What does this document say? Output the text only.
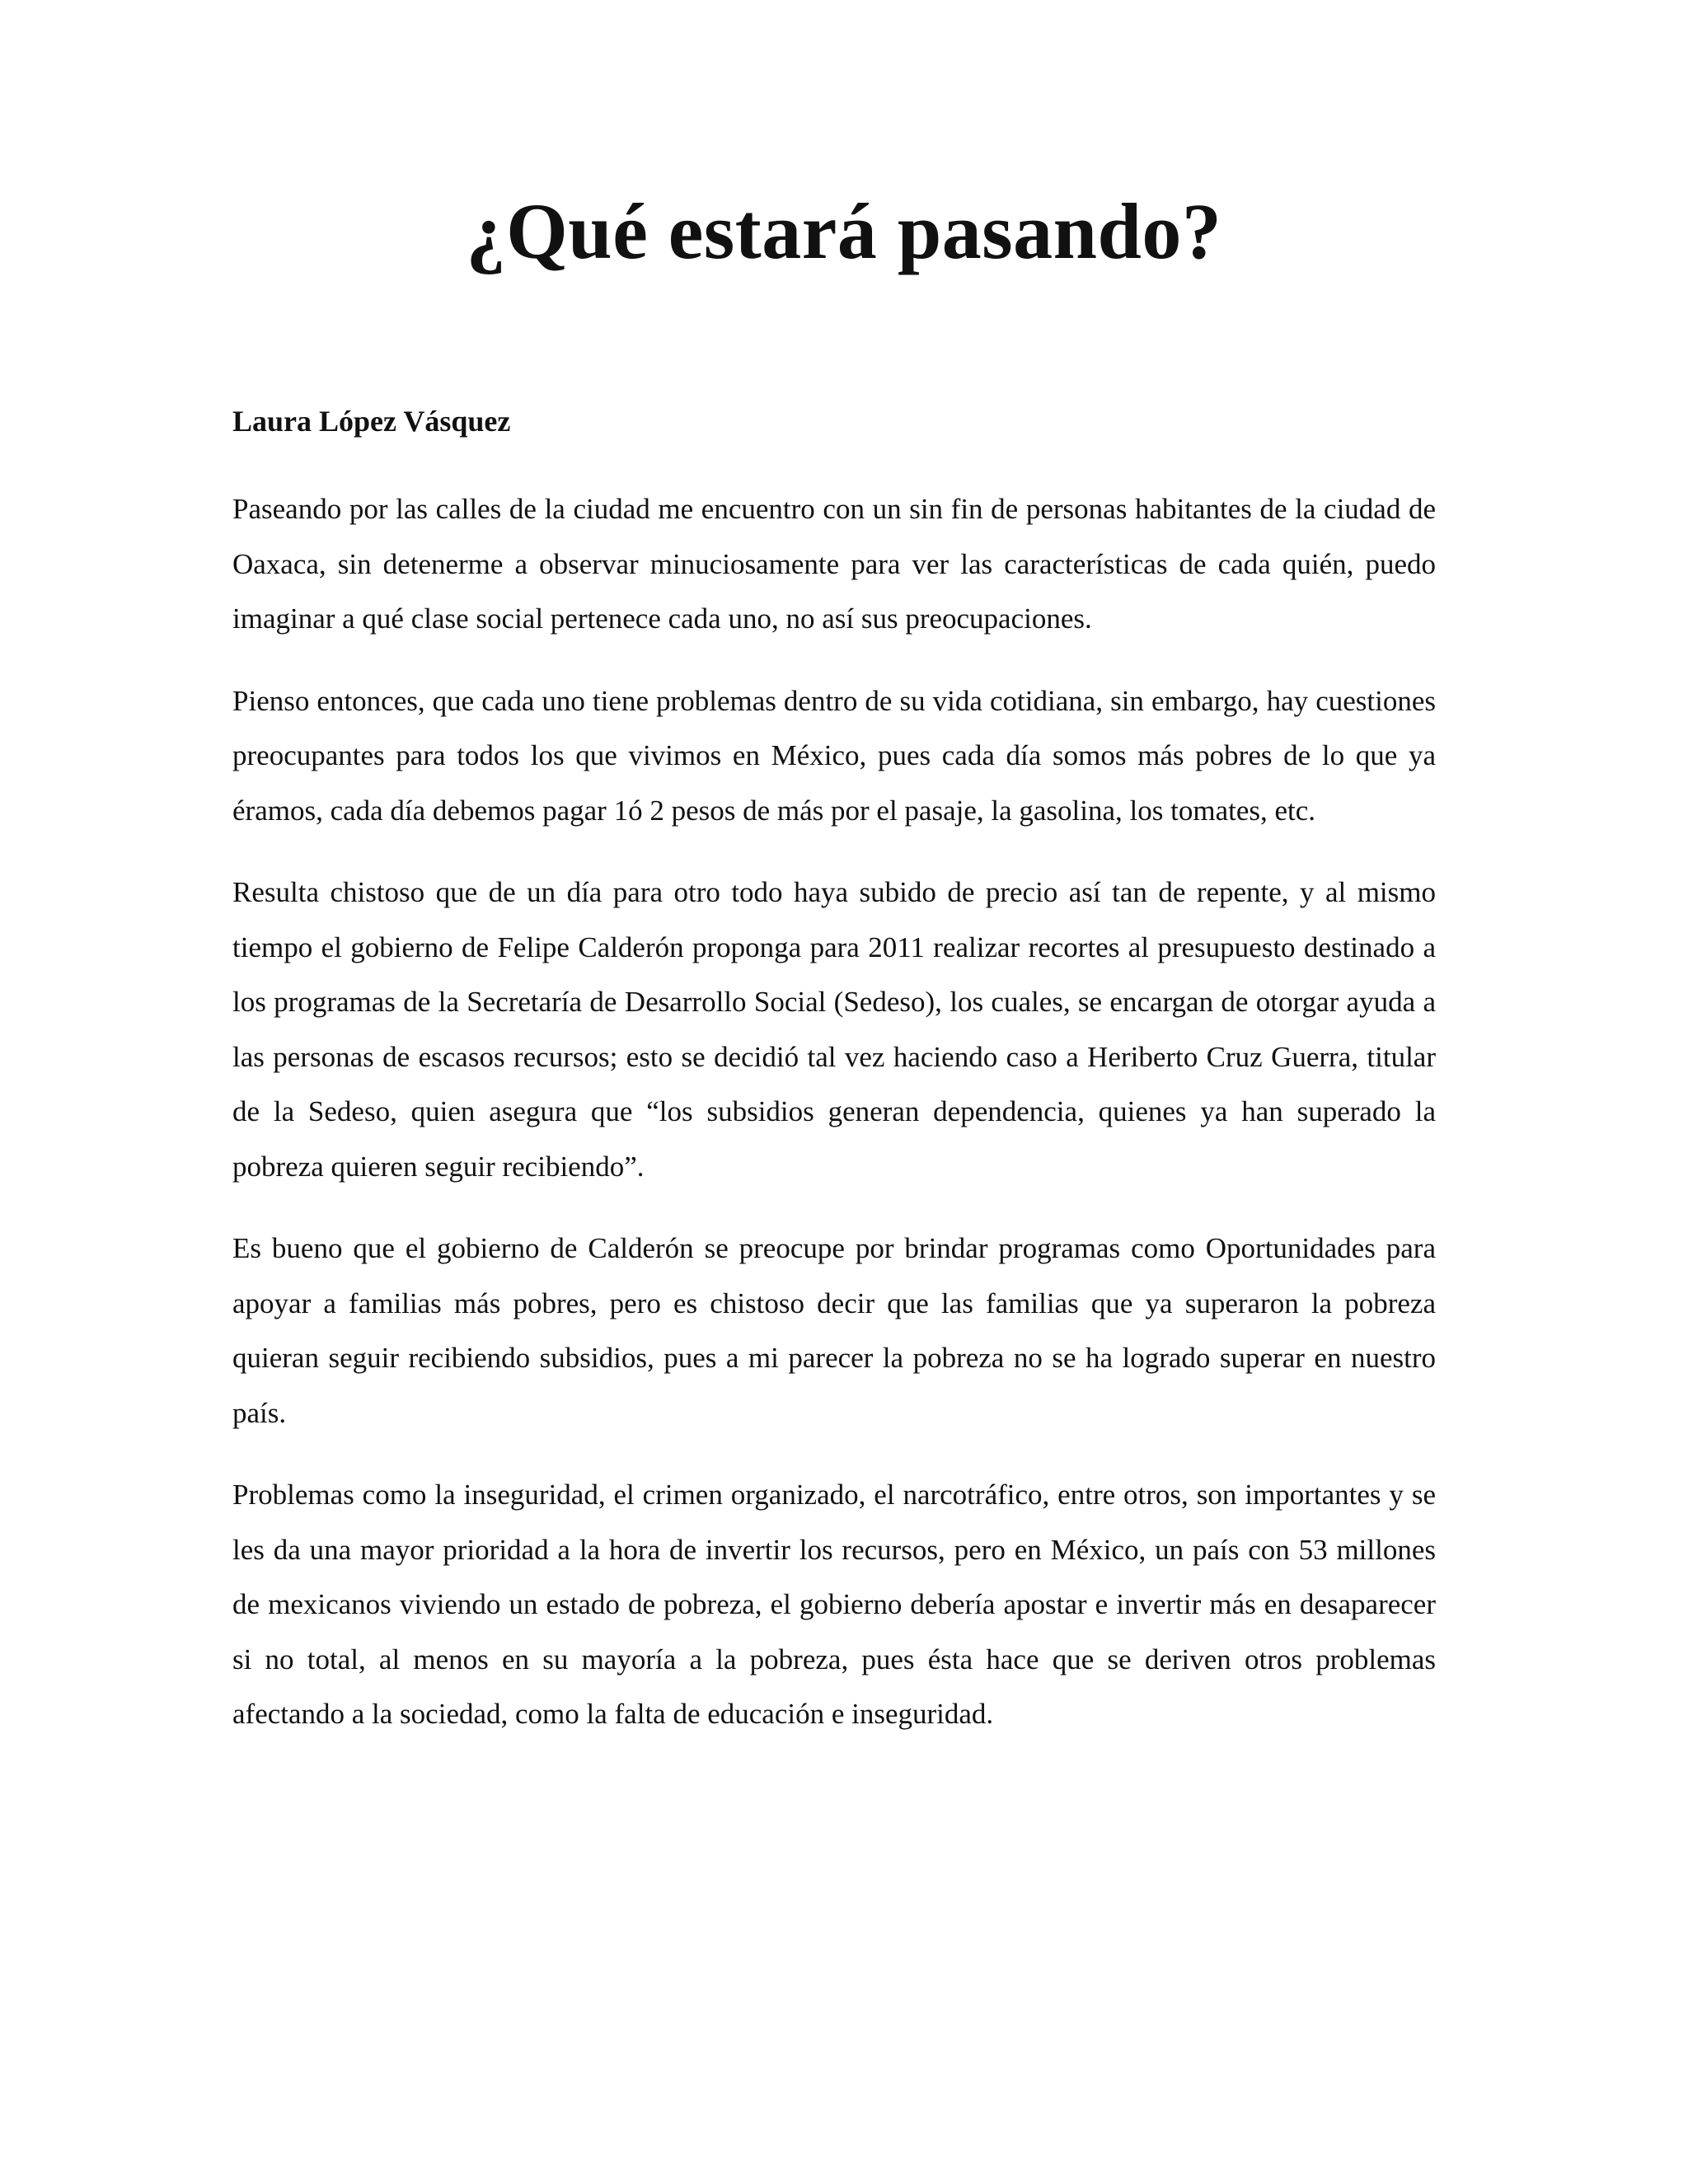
¿Qué estará pasando?

Laura López Vásquez

Paseando por las calles de la ciudad me encuentro con un sin fin de personas habitantes de la ciudad de Oaxaca, sin detenerme a observar minuciosamente para ver las características de cada quién, puedo imaginar a qué clase social pertenece cada uno, no así sus preocupaciones.

Pienso entonces, que cada uno tiene problemas dentro de su vida cotidiana, sin embargo, hay cuestiones preocupantes para todos los que vivimos en México, pues cada día somos más pobres de lo que ya éramos, cada día debemos pagar 1ó 2 pesos de más por el pasaje, la gasolina, los tomates, etc.

Resulta chistoso que de un día para otro todo haya subido de precio así tan de repente, y al mismo tiempo el gobierno de Felipe Calderón proponga para 2011 realizar recortes al presupuesto destinado a los programas de la Secretaría de Desarrollo Social (Sedeso), los cuales, se encargan de otorgar ayuda a las personas de escasos recursos; esto se decidió tal vez haciendo caso a Heriberto Cruz Guerra, titular de la Sedeso, quien asegura que “los subsidios generan dependencia, quienes ya han superado la pobreza quieren seguir recibiendo”.

Es bueno que el gobierno de Calderón se preocupe por brindar programas como Oportunidades para apoyar a familias más pobres, pero es chistoso decir que las familias que ya superaron la pobreza quieran seguir recibiendo subsidios, pues a mi parecer la pobreza no se ha logrado superar en nuestro país.

Problemas como la inseguridad, el crimen organizado, el narcotráfico, entre otros, son importantes y se les da una mayor prioridad a la hora de invertir los recursos, pero en México, un país con 53 millones de mexicanos viviendo un estado de pobreza, el gobierno debería apostar e invertir más en desaparecer si no total, al menos en su mayoría a la pobreza, pues ésta hace que se deriven otros problemas afectando a la sociedad, como la falta de educación e inseguridad.
